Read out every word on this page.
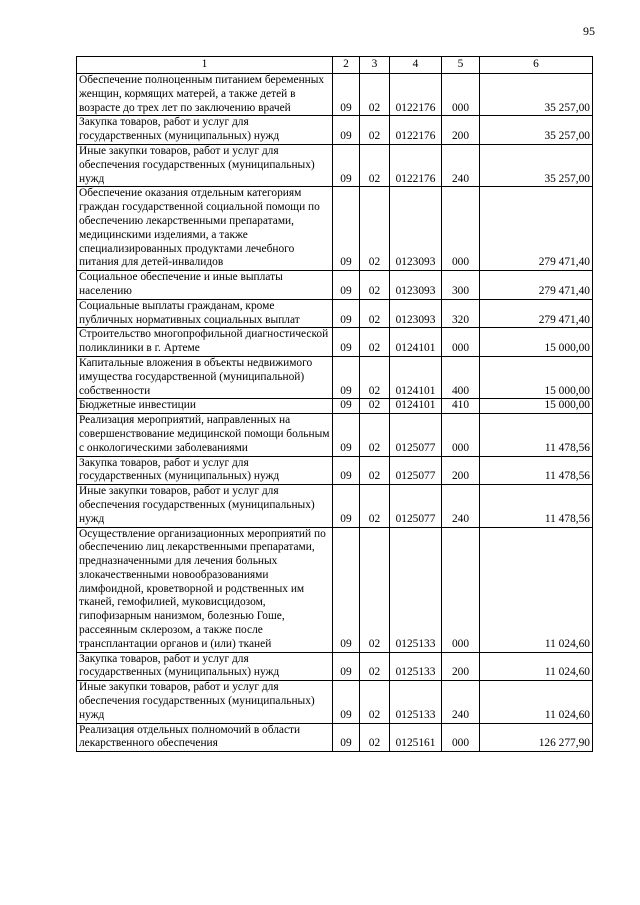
95
1	2	3	4	5	6
Обеспечение полноценным питанием беременных женщин, кормящих матерей, а также детей в возрасте до трех лет по заключению врачей	09	02	0122176	000	35 257,00
Закупка товаров, работ и услуг для государственных (муниципальных) нужд	09	02	0122176	200	35 257,00
Иные закупки товаров, работ и услуг для обеспечения государственных (муниципальных) нужд	09	02	0122176	240	35 257,00
Обеспечение оказания отдельным категориям граждан государственной социальной помощи по обеспечению лекарственными препаратами, медицинскими изделиями, а также специализированных продуктами лечебного питания для детей-инвалидов	09	02	0123093	000	279 471,40
Социальное обеспечение и иные выплаты населению	09	02	0123093	300	279 471,40
Социальные выплаты гражданам, кроме публичных нормативных социальных выплат	09	02	0123093	320	279 471,40
Строительство многопрофильной диагностической поликлиники в г. Артеме	09	02	0124101	000	15 000,00
Капитальные вложения в объекты недвижимого имущества государственной (муниципальной) собственности	09	02	0124101	400	15 000,00
Бюджетные инвестиции	09	02	0124101	410	15 000,00
Реализация мероприятий, направленных на совершенствование медицинской помощи больным с онкологическими заболеваниями	09	02	0125077	000	11 478,56
Закупка товаров, работ и услуг для государственных (муниципальных) нужд	09	02	0125077	200	11 478,56
Иные закупки товаров, работ и услуг для обеспечения государственных (муниципальных) нужд	09	02	0125077	240	11 478,56
Осуществление организационных мероприятий по обеспечению лиц лекарственными препаратами, предназначенными для лечения больных злокачественными новообразованиями лимфоидной, кроветворной и родственных им тканей, гемофилией, муковисцидозом, гипофизарным нанизмом, болезнью Гоше, рассеянным склерозом, а также после трансплантации органов и (или) тканей	09	02	0125133	000	11 024,60
Закупка товаров, работ и услуг для государственных (муниципальных) нужд	09	02	0125133	200	11 024,60
Иные закупки товаров, работ и услуг для обеспечения государственных (муниципальных) нужд	09	02	0125133	240	11 024,60
Реализация отдельных полномочий в области лекарственного обеспечения	09	02	0125161	000	126 277,90
